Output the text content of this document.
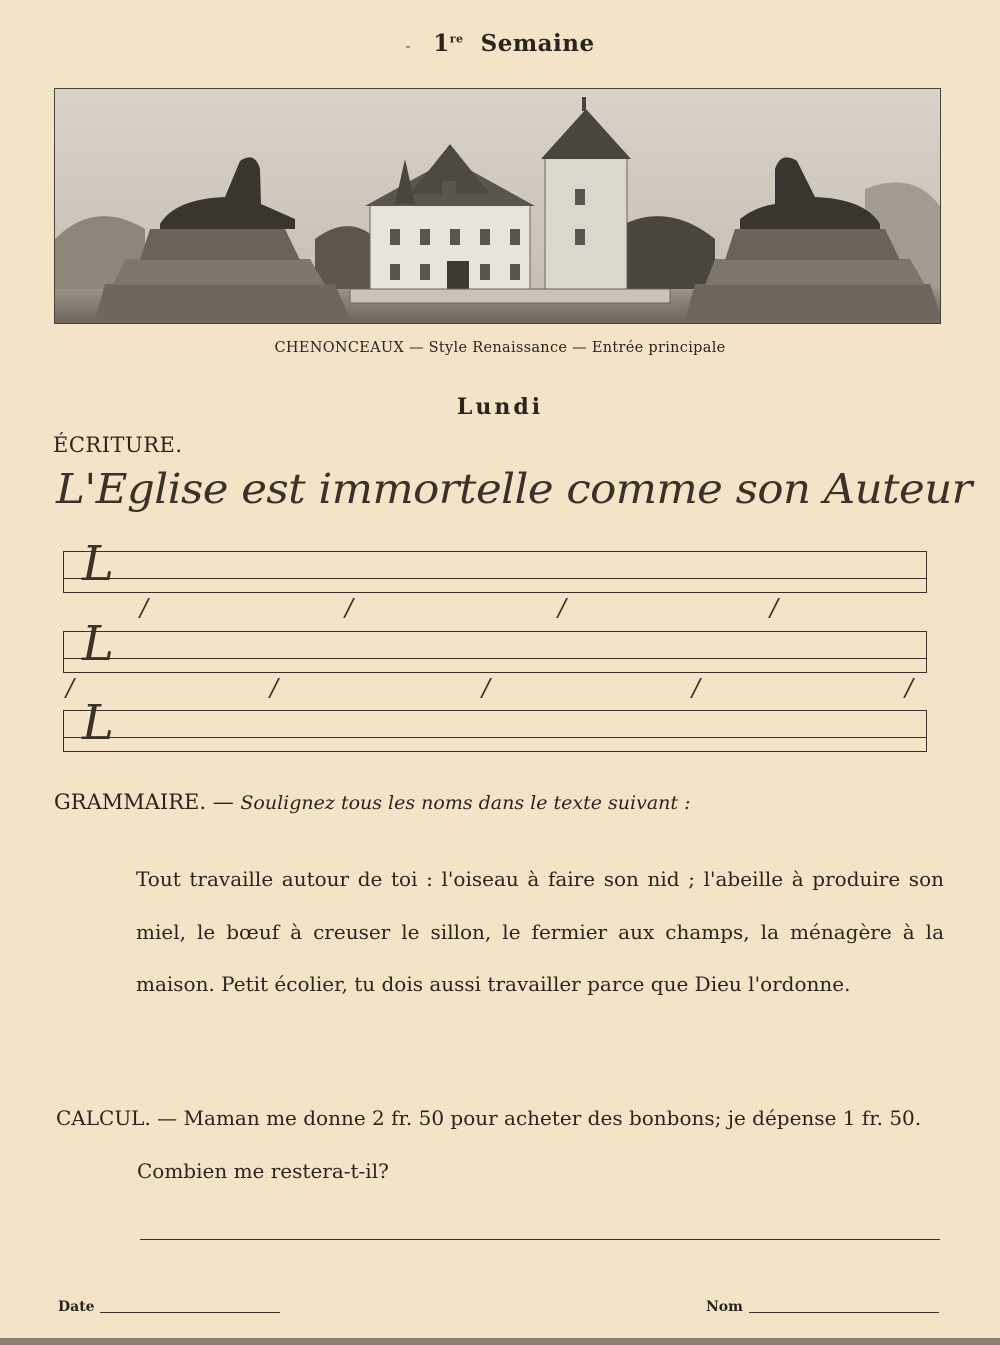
- 1re Semaine
CHENONCEAUX — Style Renaissance — Entrée principale
Lundi
ÉCRITURE.
L'Eglise est immortelle comme son Auteur
L
/	/	/	/
L
/	/	/	/	/
L
GRAMMAIRE. — Soulignez tous les noms dans le texte suivant :
Tout travaille autour de toi : l'oiseau à faire son nid ; l'abeille à produire son miel, le bœuf à creuser le sillon, le fermier aux champs, la ménagère à la maison. Petit écolier, tu dois aussi travailler parce que Dieu l'ordonne.
CALCUL. — Maman me donne 2 fr. 50 pour acheter des bonbons; je dépense 1 fr. 50.
Combien me restera-t-il?
Date	Nom
